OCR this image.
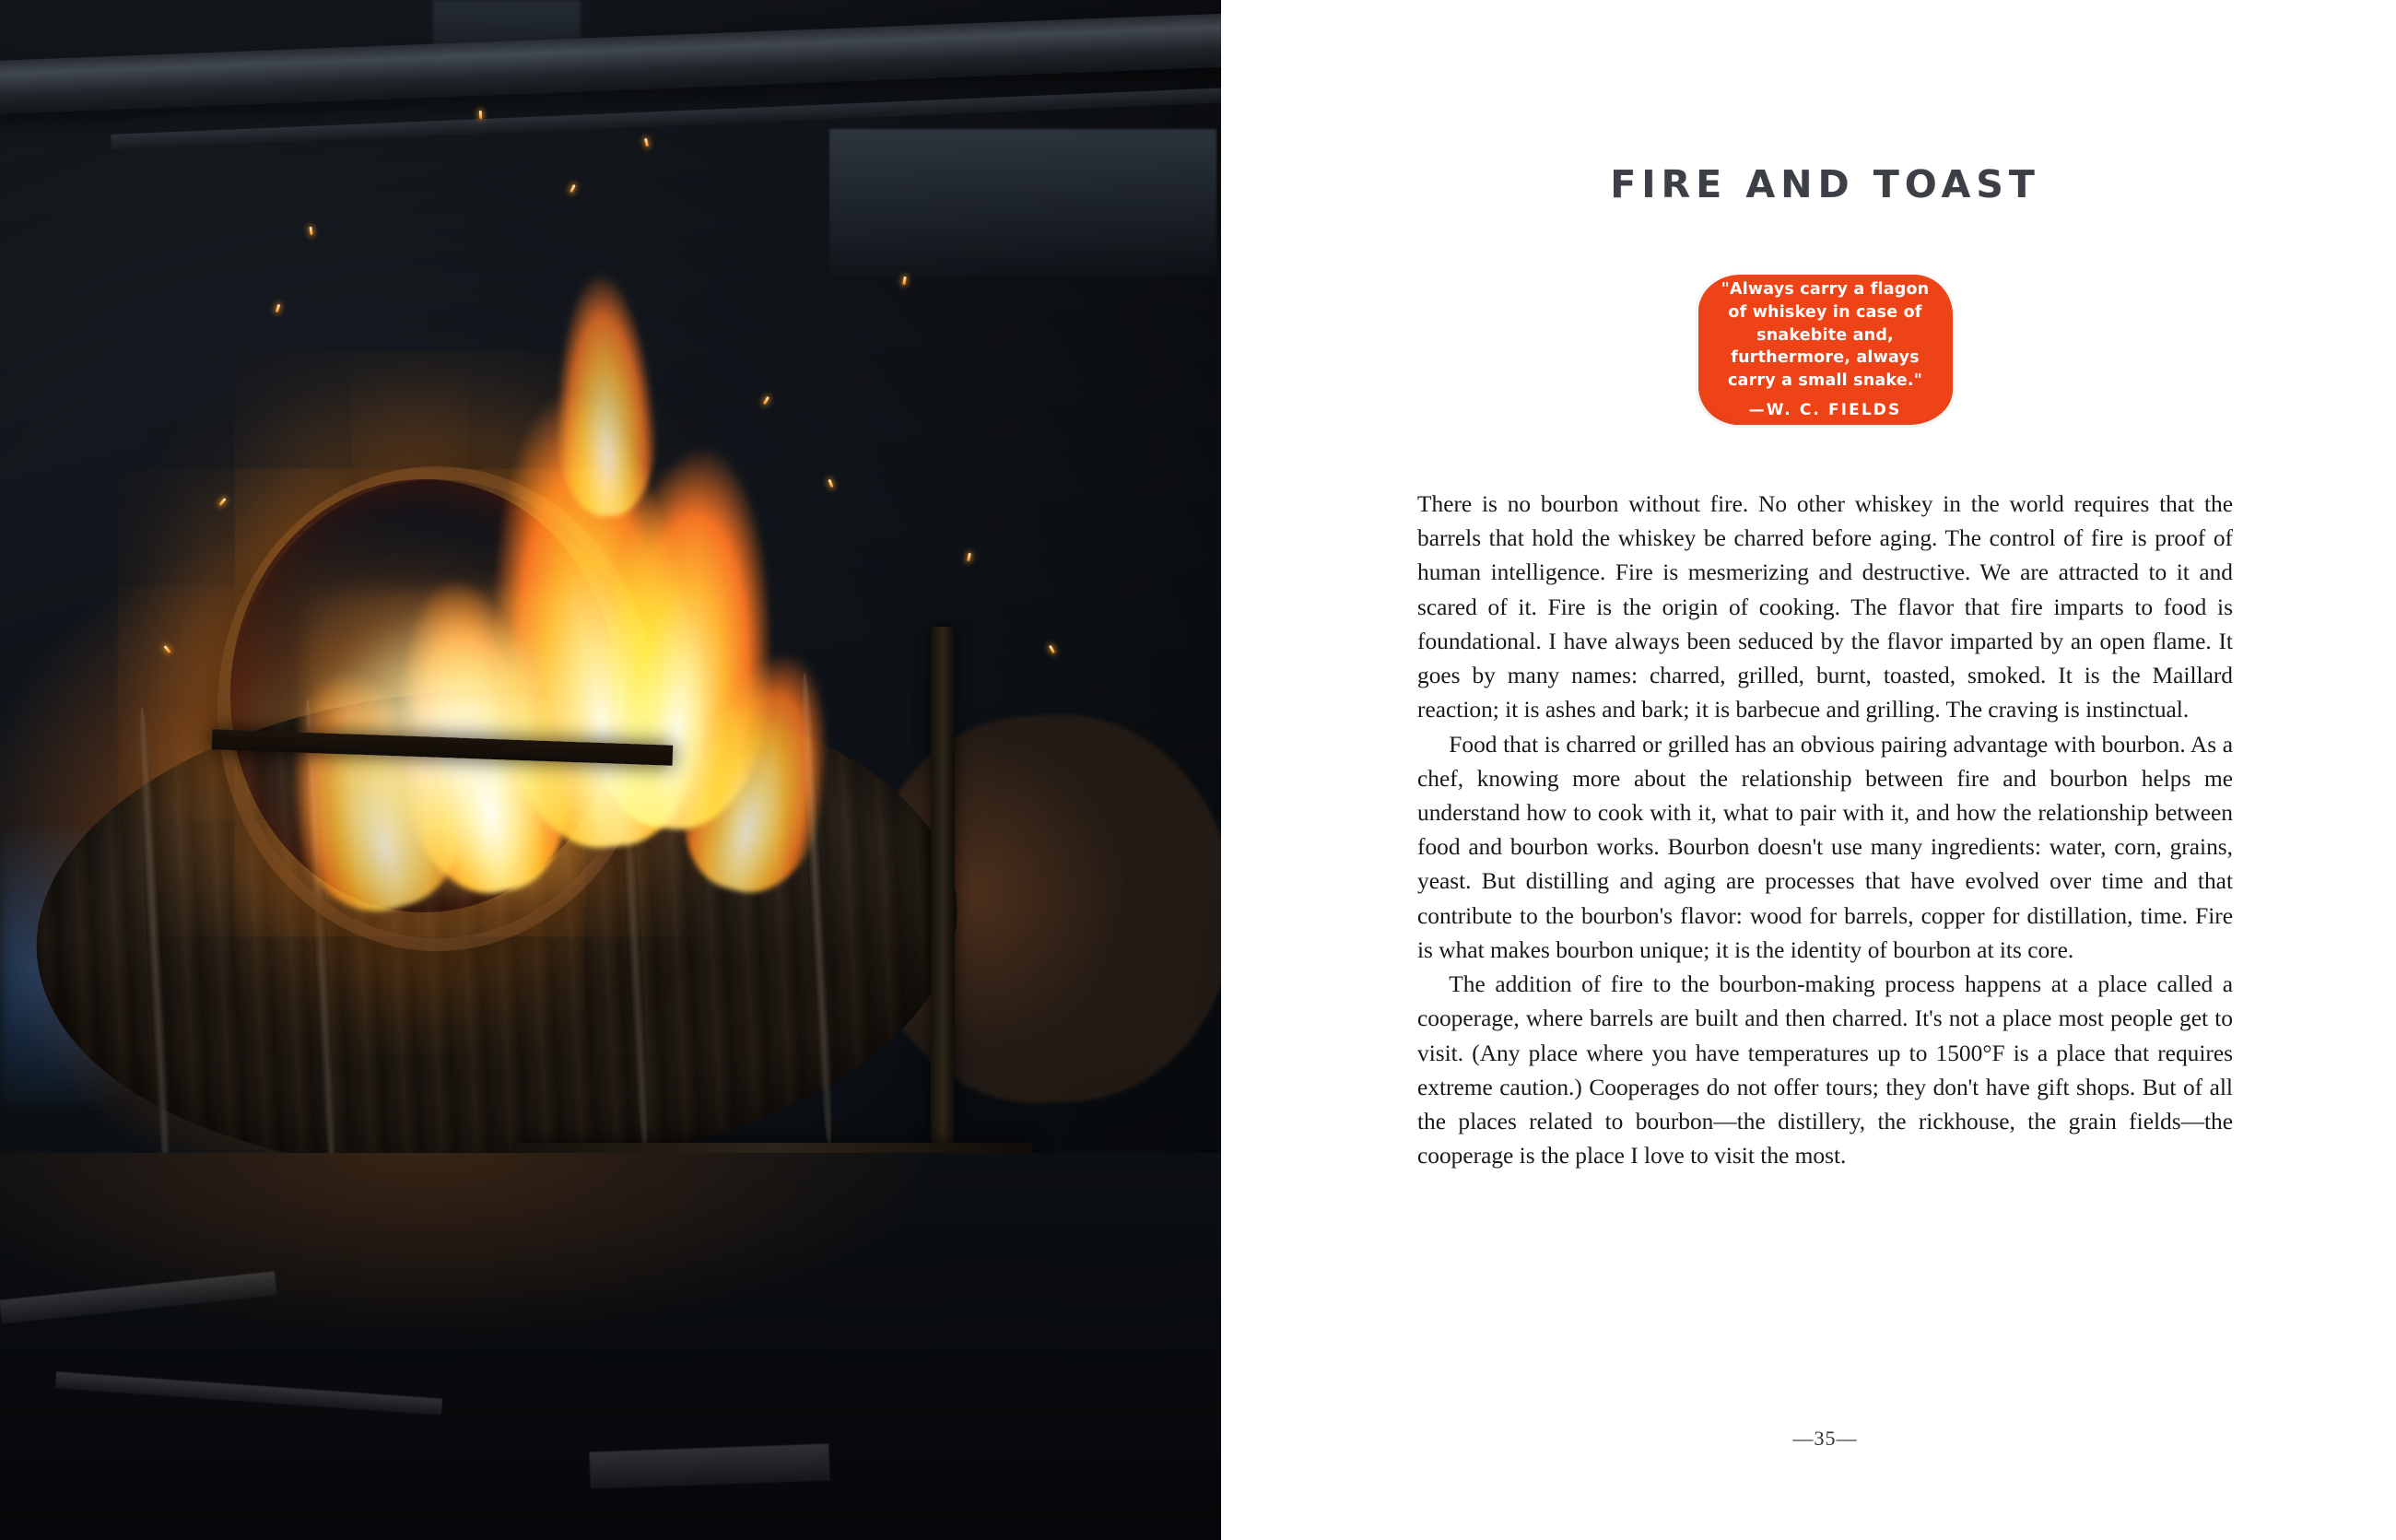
FIRE AND TOAST
"Always carry a flagon of whiskey in case of snakebite and, furthermore, always carry a small snake."
—W. C. FIELDS

There is no bourbon without fire. No other whiskey in the world requires that the barrels that hold the whiskey be charred before aging. The control of fire is proof of human intelligence. Fire is mesmerizing and destructive. We are attracted to it and scared of it. Fire is the origin of cooking. The flavor that fire imparts to food is foundational. I have always been seduced by the flavor imparted by an open flame. It goes by many names: charred, grilled, burnt, toasted, smoked. It is the Maillard reaction; it is ashes and bark; it is barbecue and grilling. The craving is instinctual.

Food that is charred or grilled has an obvious pairing advantage with bourbon. As a chef, knowing more about the relationship between fire and bourbon helps me understand how to cook with it, what to pair with it, and how the relationship between food and bourbon works. Bourbon doesn't use many ingredients: water, corn, grains, yeast. But distilling and aging are processes that have evolved over time and that contribute to the bourbon's flavor: wood for barrels, copper for distillation, time. Fire is what makes bourbon unique; it is the identity of bourbon at its core.

The addition of fire to the bourbon-making process happens at a place called a cooperage, where barrels are built and then charred. It's not a place most people get to visit. (Any place where you have temperatures up to 1500°F is a place that requires extreme caution.) Cooperages do not offer tours; they don't have gift shops. But of all the places related to bourbon—the distillery, the rickhouse, the grain fields—the cooperage is the place I love to visit the most.

—35—
